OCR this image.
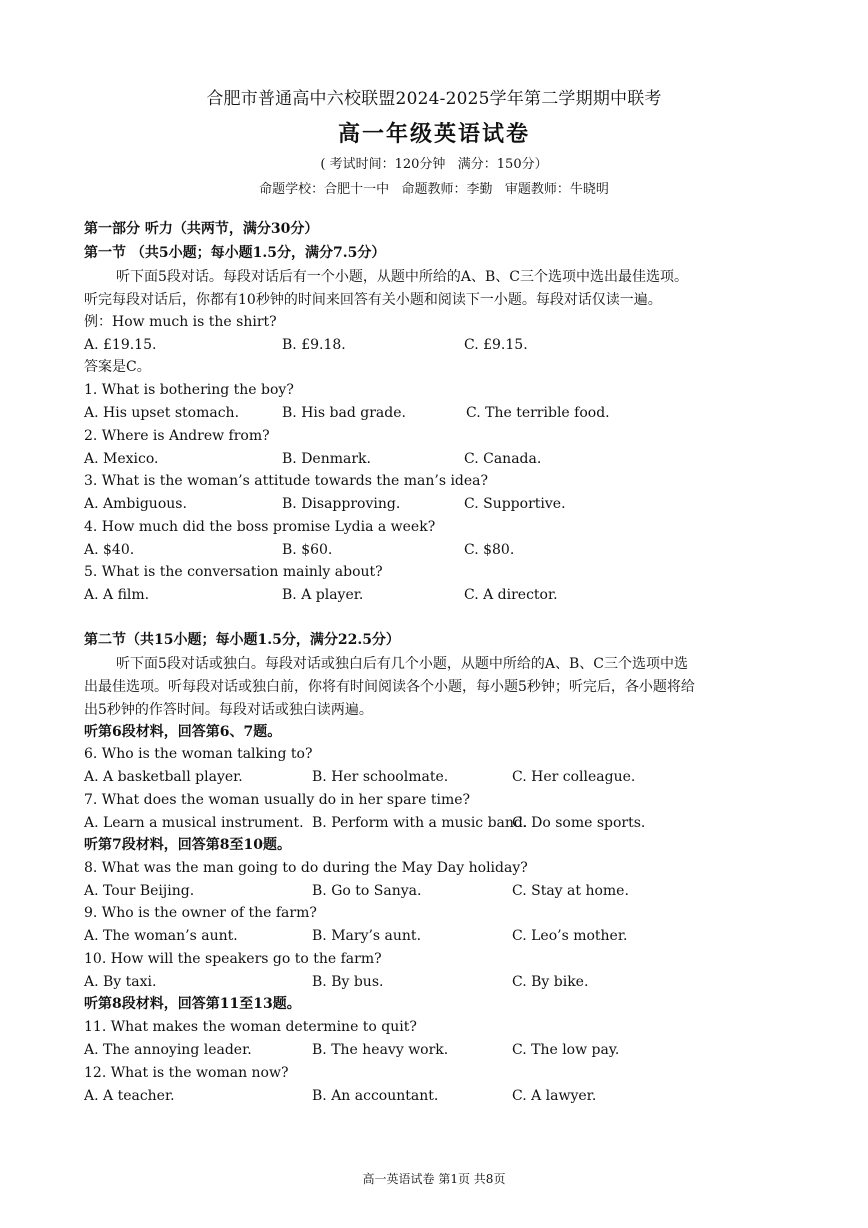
合肥市普通高中六校联盟2024-2025学年第二学期期中联考
高一年级英语试卷
( 考试时间：120分钟   满分：150分）
命题学校：合肥十一中   命题教师：李勤   审题教师：牛晓明
第一部分 听力（共两节，满分30分）
第一节 （共5小题；每小题1.5分，满分7.5分）
听下面5段对话。每段对话后有一个小题，从题中所给的A、B、C三个选项中选出最佳选项。
听完每段对话后，你都有10秒钟的时间来回答有关小题和阅读下一小题。每段对话仅读一遍。
例：How much is the shirt?
A. £19.15.	B. £9.18.	C. £9.15.
答案是C。
1. What is bothering the boy?
A. His upset stomach.	B. His bad grade.	C. The terrible food.
2. Where is Andrew from?
A. Mexico.	B. Denmark.	C. Canada.
3. What is the woman’s attitude towards the man’s idea?
A. Ambiguous.	B. Disapproving.	C. Supportive.
4. How much did the boss promise Lydia a week?
A. $40.	B. $60.	C. $80.
5. What is the conversation mainly about?
A. A film.	B. A player.	C. A director.
第二节（共15小题；每小题1.5分，满分22.5分）
听下面5段对话或独白。每段对话或独白后有几个小题，从题中所给的A、B、C三个选项中选
出最佳选项。听每段对话或独白前，你将有时间阅读各个小题，每小题5秒钟；听完后，各小题将给
出5秒钟的作答时间。每段对话或独白读两遍。
听第6段材料，回答第6、7题。
6. Who is the woman talking to?
A. A basketball player.	B. Her schoolmate.	C. Her colleague.
7. What does the woman usually do in her spare time?
A. Learn a musical instrument. B. Perform with a music band.
C. Do some sports.
听第7段材料，回答第8至10题。
8. What was the man going to do during the May Day holiday?
A. Tour Beijing.	B. Go to Sanya.	C. Stay at home.
9. Who is the owner of the farm?
A. The woman’s aunt.	B. Mary’s aunt.	C. Leo’s mother.
10. How will the speakers go to the farm?
A. By taxi.	B. By bus.	C. By bike.
听第8段材料，回答第11至13题。
11. What makes the woman determine to quit?
A. The annoying leader.	B. The heavy work.	C. The low pay.
12. What is the woman now?
A. A teacher.	B. An accountant.	C. A lawyer.
高一英语试卷 第1页 共8页
